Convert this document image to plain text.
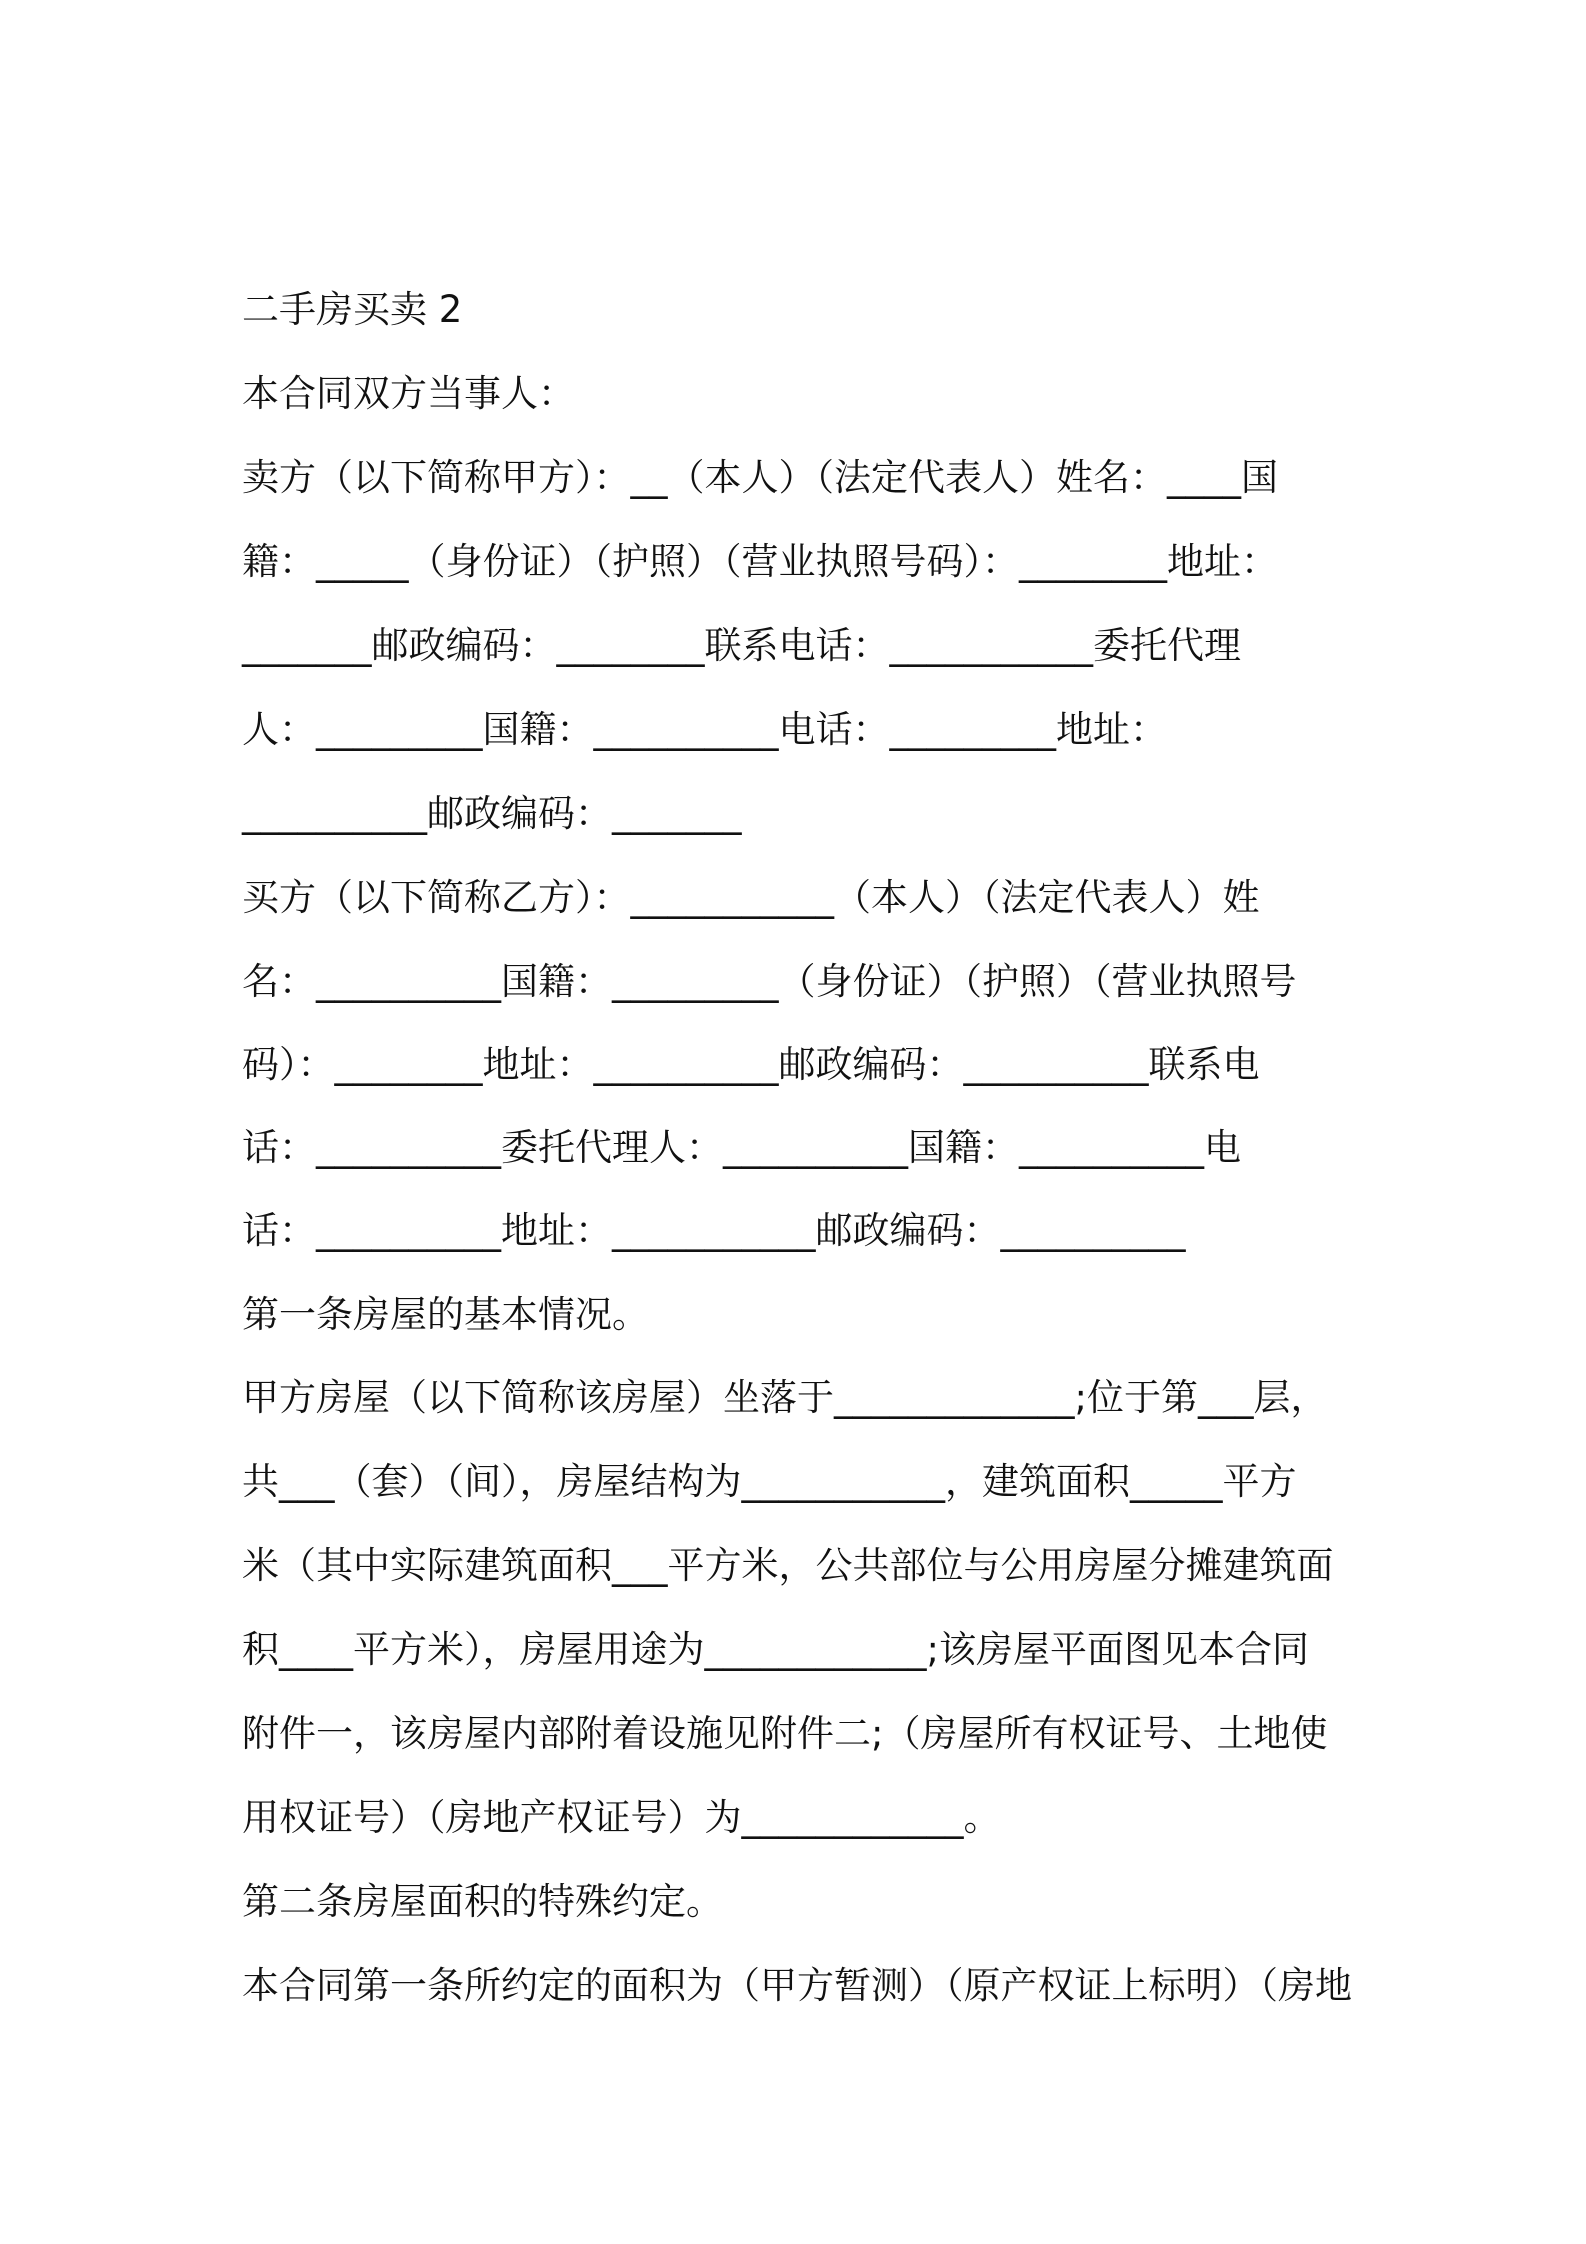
二手房买卖 2
本合同双方当事人：
卖方（以下简称甲方）：__（本人）（法定代表人）姓名：____国
籍：_____（身份证）（护照）（营业执照号码）：________地址：
_______邮政编码：________联系电话：___________委托代理
人：_________国籍：__________电话：_________地址：
__________邮政编码：_______
买方（以下简称乙方）：___________（本人）（法定代表人）姓
名：__________国籍：_________（身份证）（护照）（营业执照号
码）：________地址：__________邮政编码：__________联系电
话：__________委托代理人：__________国籍：__________电
话：__________地址：___________邮政编码：__________
第一条房屋的基本情况。
甲方房屋（以下简称该房屋）坐落于_____________;位于第___层，
共___（套）（间），房屋结构为___________，建筑面积_____平方
米（其中实际建筑面积___平方米，公共部位与公用房屋分摊建筑面
积____平方米），房屋用途为____________;该房屋平面图见本合同
附件一，该房屋内部附着设施见附件二;（房屋所有权证号、土地使
用权证号）（房地产权证号）为____________。
第二条房屋面积的特殊约定。
本合同第一条所约定的面积为（甲方暂测）（原产权证上标明）（房地
